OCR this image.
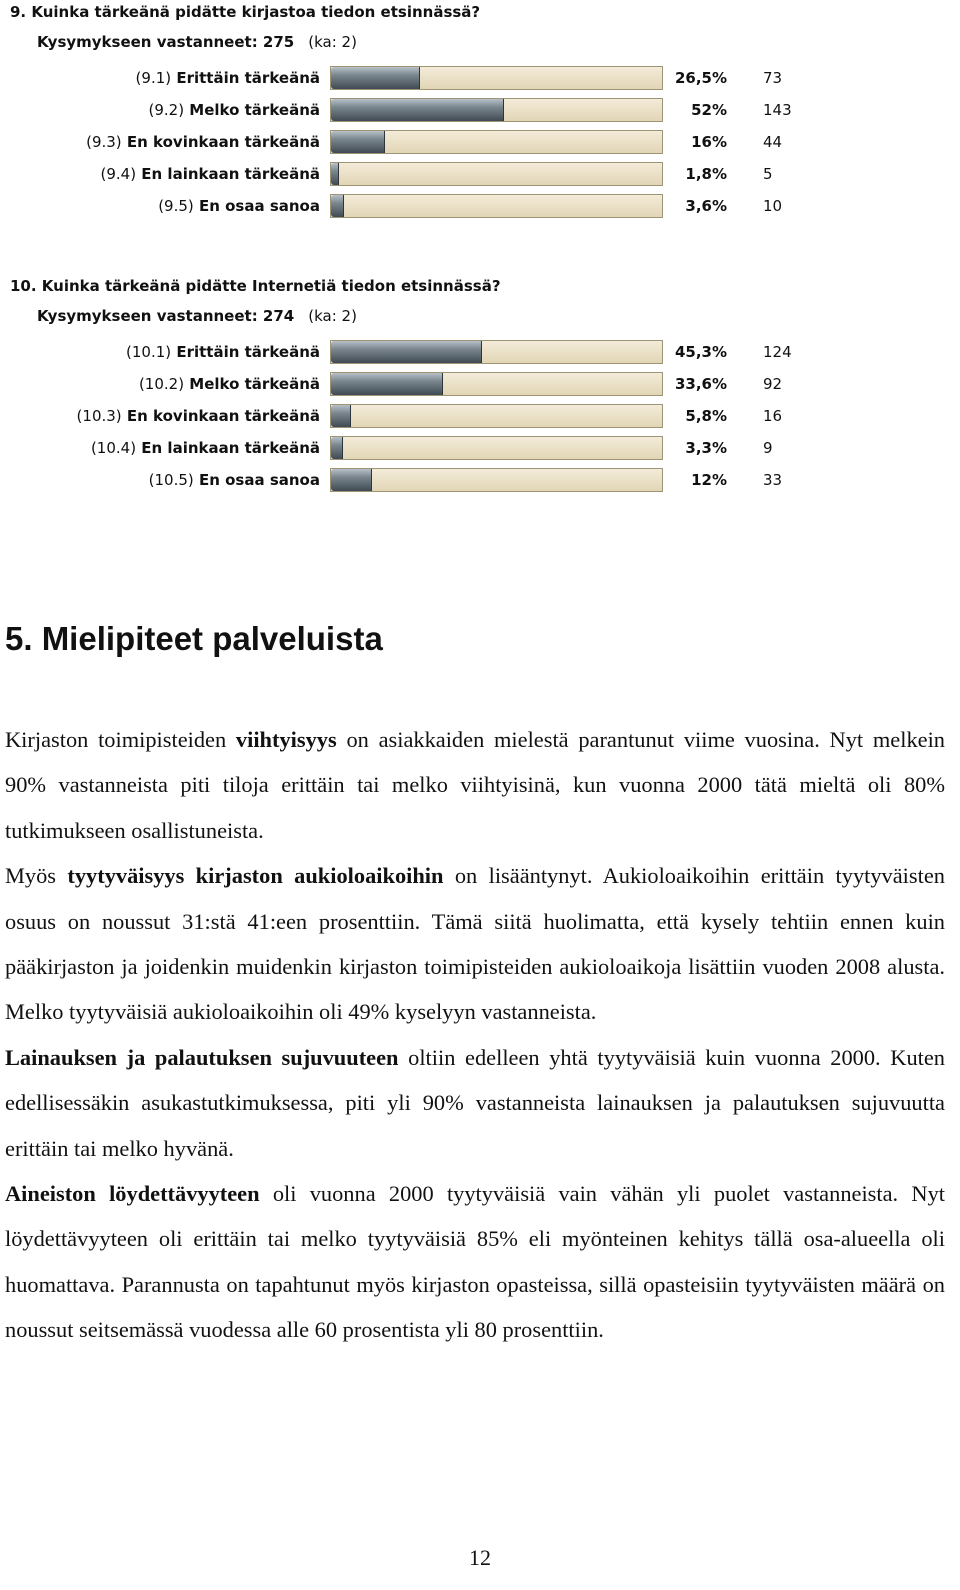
9. Kuinka tärkeänä pidätte kirjastoa tiedon etsinnässä?
Kysymykseen vastanneet: 275 (ka: 2)
(9.1) Erittäin tärkeänä	26,5% 73
(9.2) Melko tärkeänä	52% 143
(9.3) En kovinkaan tärkeänä	16% 44
(9.4) En lainkaan tärkeänä	1,8% 5
(9.5) En osaa sanoa	3,6% 10
10. Kuinka tärkeänä pidätte Internetiä tiedon etsinnässä?
Kysymykseen vastanneet: 274 (ka: 2)
(10.1) Erittäin tärkeänä	45,3% 124
(10.2) Melko tärkeänä	33,6% 92
(10.3) En kovinkaan tärkeänä	5,8% 16
(10.4) En lainkaan tärkeänä	3,3% 9
(10.5) En osaa sanoa	12% 33
5. Mielipiteet palveluista

Kirjaston toimipisteiden viihtyisyys on asiakkaiden mielestä parantunut viime vuosina. Nyt melkein 90% vastanneista piti tiloja erittäin tai melko viihtyisinä, kun vuonna 2000 tätä mieltä oli 80% tutkimukseen osallistuneista.

Myös tyytyväisyys kirjaston aukioloaikoihin on lisääntynyt. Aukioloaikoihin erittäin tyytyväisten osuus on noussut 31:stä 41:een prosenttiin. Tämä siitä huolimatta, että kysely tehtiin ennen kuin pääkirjaston ja joidenkin muidenkin kirjaston toimipisteiden aukioloaikoja lisättiin vuoden 2008 alusta. Melko tyytyväisiä aukioloaikoihin oli 49% kyselyyn vastanneista.

Lainauksen ja palautuksen sujuvuuteen oltiin edelleen yhtä tyytyväisiä kuin vuonna 2000. Kuten edellisessäkin asukastutkimuksessa, piti yli 90% vastanneista lainauksen ja palautuksen sujuvuutta erittäin tai melko hyvänä.

Aineiston löydettävyyteen oli vuonna 2000 tyytyväisiä vain vähän yli puolet vastanneista. Nyt löydettävyyteen oli erittäin tai melko tyytyväisiä 85% eli myönteinen kehitys tällä osa-alueella oli huomattava. Parannusta on tapahtunut myös kirjaston opasteissa, sillä opasteisiin tyytyväisten määrä on noussut seitsemässä vuodessa alle 60 prosentista yli 80 prosenttiin.

12
